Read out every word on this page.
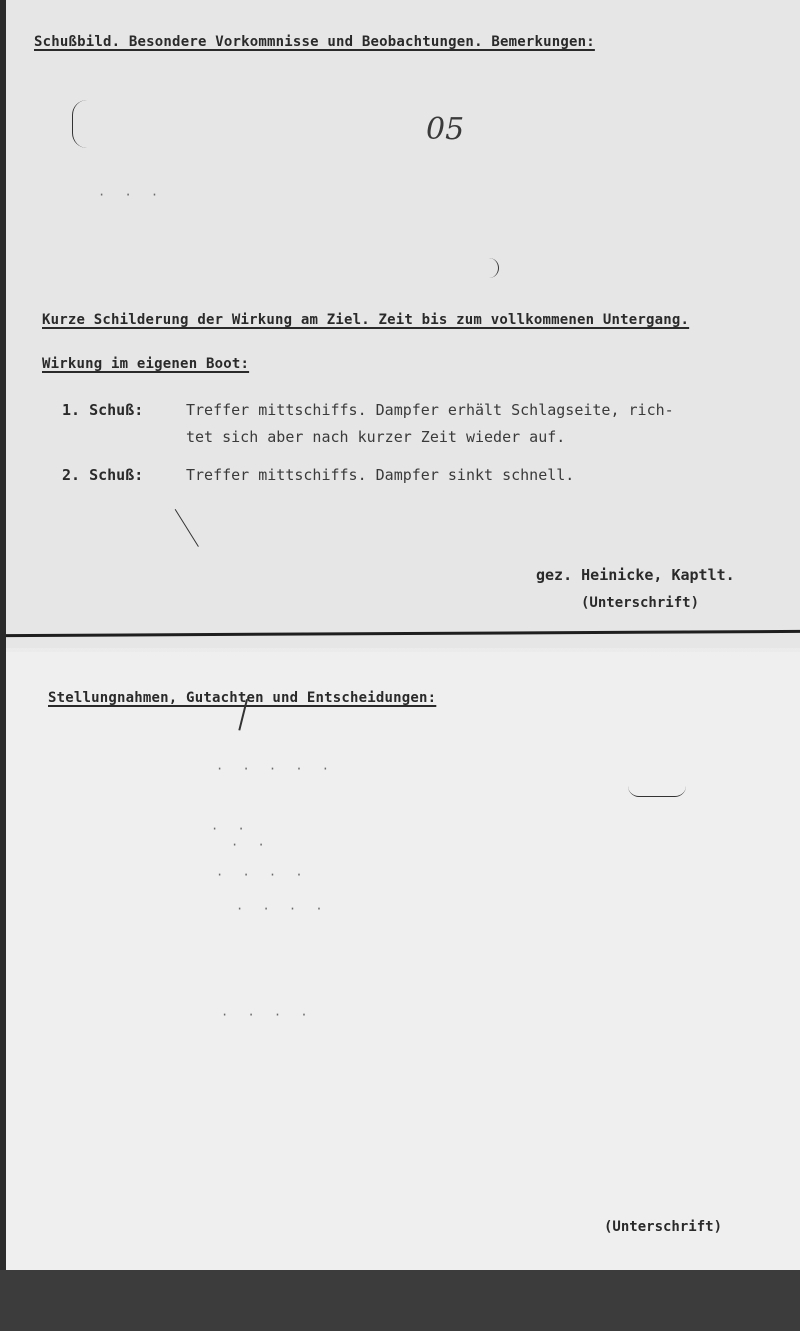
Schußbild. Besondere Vorkommnisse und Beobachtungen. Bemerkungen:
05
· · ·
Kurze Schilderung der Wirkung am Ziel. Zeit bis zum vollkommenen Untergang.
Wirkung im eigenen Boot:
1. Schuß:	Treffer mittschiffs. Dampfer erhält Schlagseite, rich-
tet sich aber nach kurzer Zeit wieder auf.
2. Schuß:	Treffer mittschiffs. Dampfer sinkt schnell.
gez. Heinicke, Kaptlt.
(Unterschrift)
Stellungnahmen, Gutachten und Entscheidungen:
· · · · ·
· ·
· ·
· · · ·
· · · ·
· · · ·
(Unterschrift)
